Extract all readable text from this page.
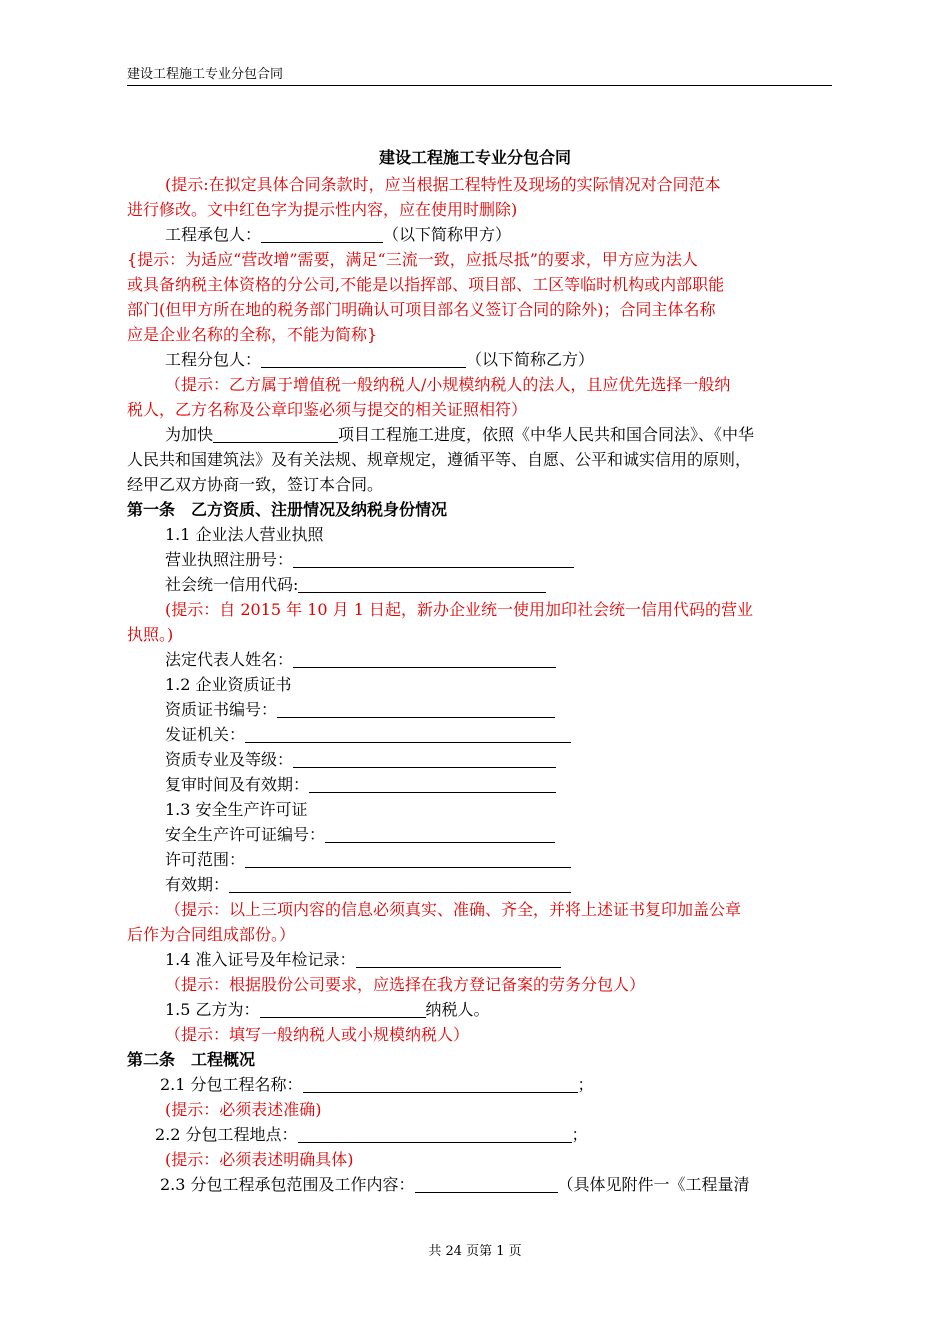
建设工程施工专业分包合同
建设工程施工专业分包合同
(提示:在拟定具体合同条款时，应当根据工程特性及现场的实际情况对合同范本
进行修改。文中红色字为提示性内容，应在使用时删除)
工程承包人：	（以下简称甲方）
{提示：为适应“营改增”需要，满足“三流一致，应抵尽抵”的要求，甲方应为法人
或具备纳税主体资格的分公司,不能是以指挥部、项目部、工区等临时机构或内部职能
部门(但甲方所在地的税务部门明确认可项目部名义签订合同的除外)；合同主体名称
应是企业名称的全称，不能为简称}
工程分包人：	（以下简称乙方）
（提示：乙方属于增值税一般纳税人/小规模纳税人的法人，且应优先选择一般纳
税人，乙方名称及公章印鉴必须与提交的相关证照相符）
为加快	项目工程施工进度，依照《中华人民共和国合同法》、《中华
人民共和国建筑法》及有关法规、规章规定，遵循平等、自愿、公平和诚实信用的原则，
经甲乙双方协商一致，签订本合同。
第一条　乙方资质、注册情况及纳税身份情况
1.1 企业法人营业执照
营业执照注册号：
社会统一信用代码:
(提示：自 2015 年 10 月 1 日起，新办企业统一使用加印社会统一信用代码的营业
执照。)
法定代表人姓名：
1.2 企业资质证书
资质证书编号：
发证机关：
资质专业及等级：
复审时间及有效期：
1.3 安全生产许可证
安全生产许可证编号：
许可范围：
有效期：
（提示：以上三项内容的信息必须真实、准确、齐全，并将上述证书复印加盖公章
后作为合同组成部份。）
1.4 准入证号及年检记录：
（提示：根据股份公司要求，应选择在我方登记备案的劳务分包人）
1.5 乙方为：	纳税人。
（提示：填写一般纳税人或小规模纳税人）
第二条　工程概况
2.1 分包工程名称：	；
(提示：必须表述准确)
2.2 分包工程地点：	；
(提示：必须表述明确具体)
2.3 分包工程承包范围及工作内容：	（具体见附件一《工程量清
共 24 页第 1 页
